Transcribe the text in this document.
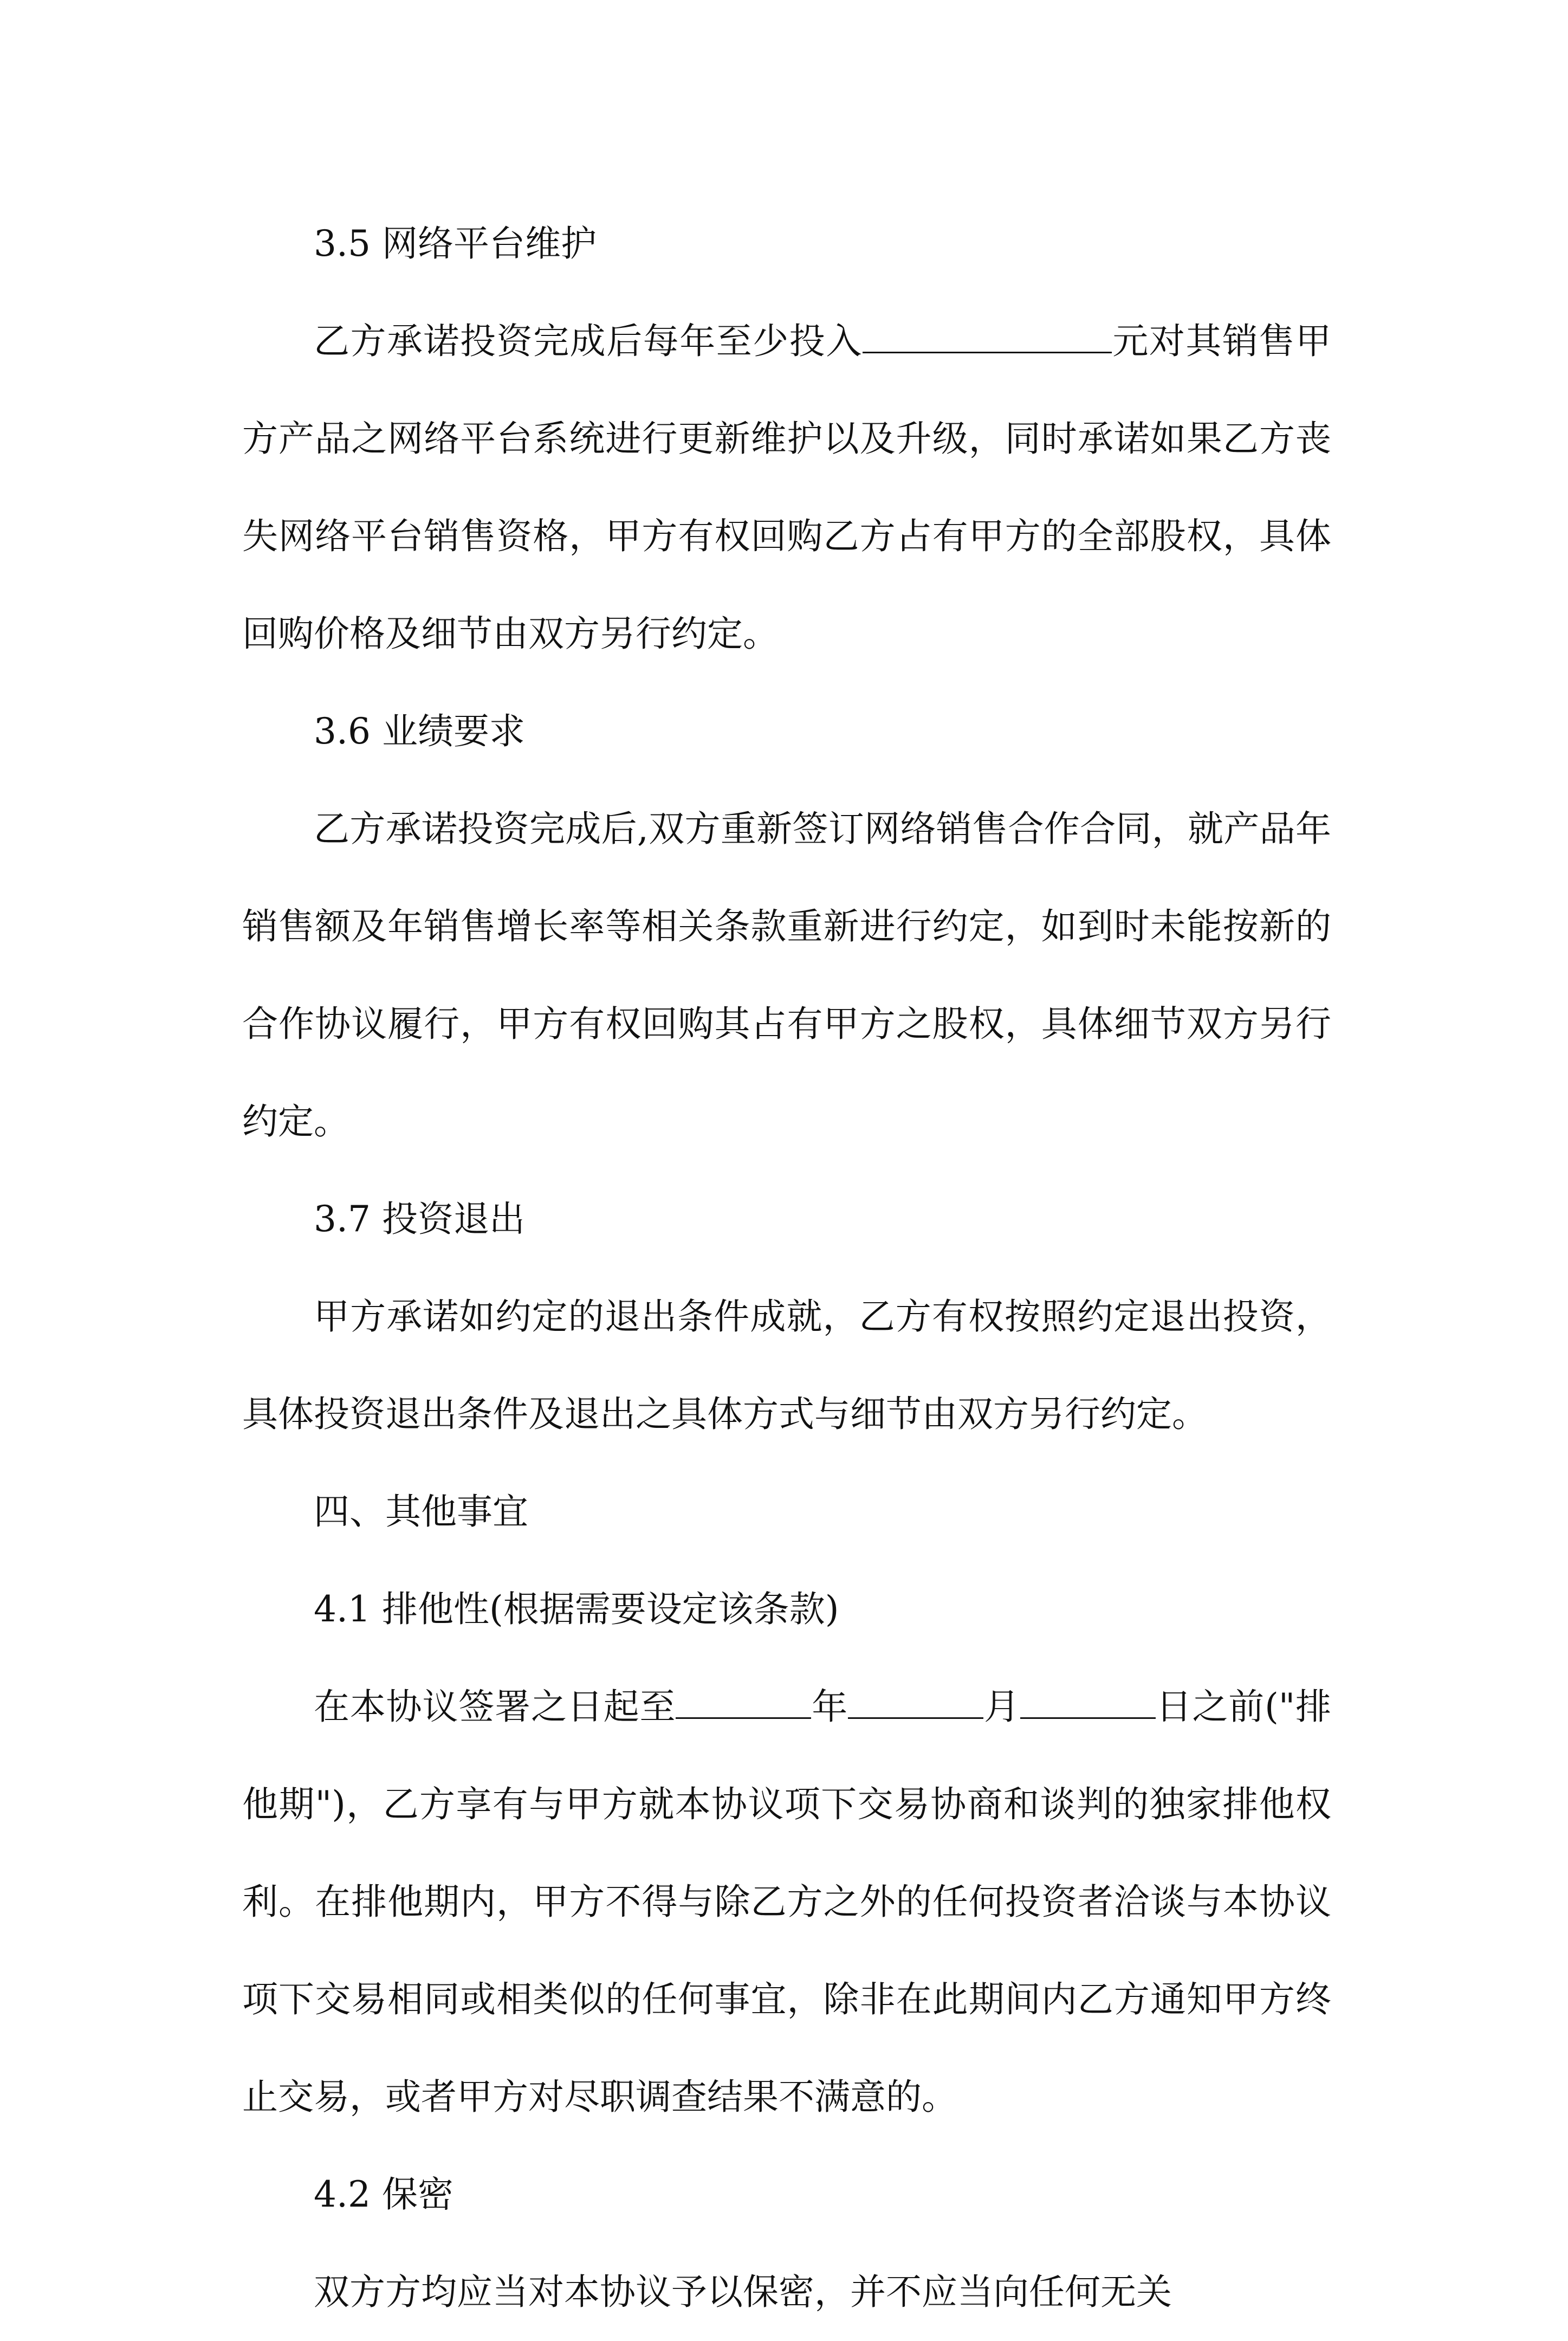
3.5 网络平台维护

乙方承诺投资完成后每年至少投入	元对其销售甲方产品之网络平台系统进行更新维护以及升级，同时承诺如果乙方丧失网络平台销售资格，甲方有权回购乙方占有甲方的全部股权，具体回购价格及细节由双方另行约定。

3.6 业绩要求

乙方承诺投资完成后,双方重新签订网络销售合作合同，就产品年销售额及年销售增长率等相关条款重新进行约定，如到时未能按新的合作协议履行，甲方有权回购其占有甲方之股权，具体细节双方另行约定。

3.7 投资退出

甲方承诺如约定的退出条件成就，乙方有权按照约定退出投资，具体投资退出条件及退出之具体方式与细节由双方另行约定。

四、其他事宜

4.1 排他性(根据需要设定该条款)

在本协议签署之日起至	年	月	日之前("排他期")，乙方享有与甲方就本协议项下交易协商和谈判的独家排他权利。在排他期内，甲方不得与除乙方之外的任何投资者洽谈与本协议项下交易相同或相类似的任何事宜，除非在此期间内乙方通知甲方终止交易，或者甲方对尽职调查结果不满意的。

4.2 保密

双方方均应当对本协议予以保密，并不应当向任何无关
